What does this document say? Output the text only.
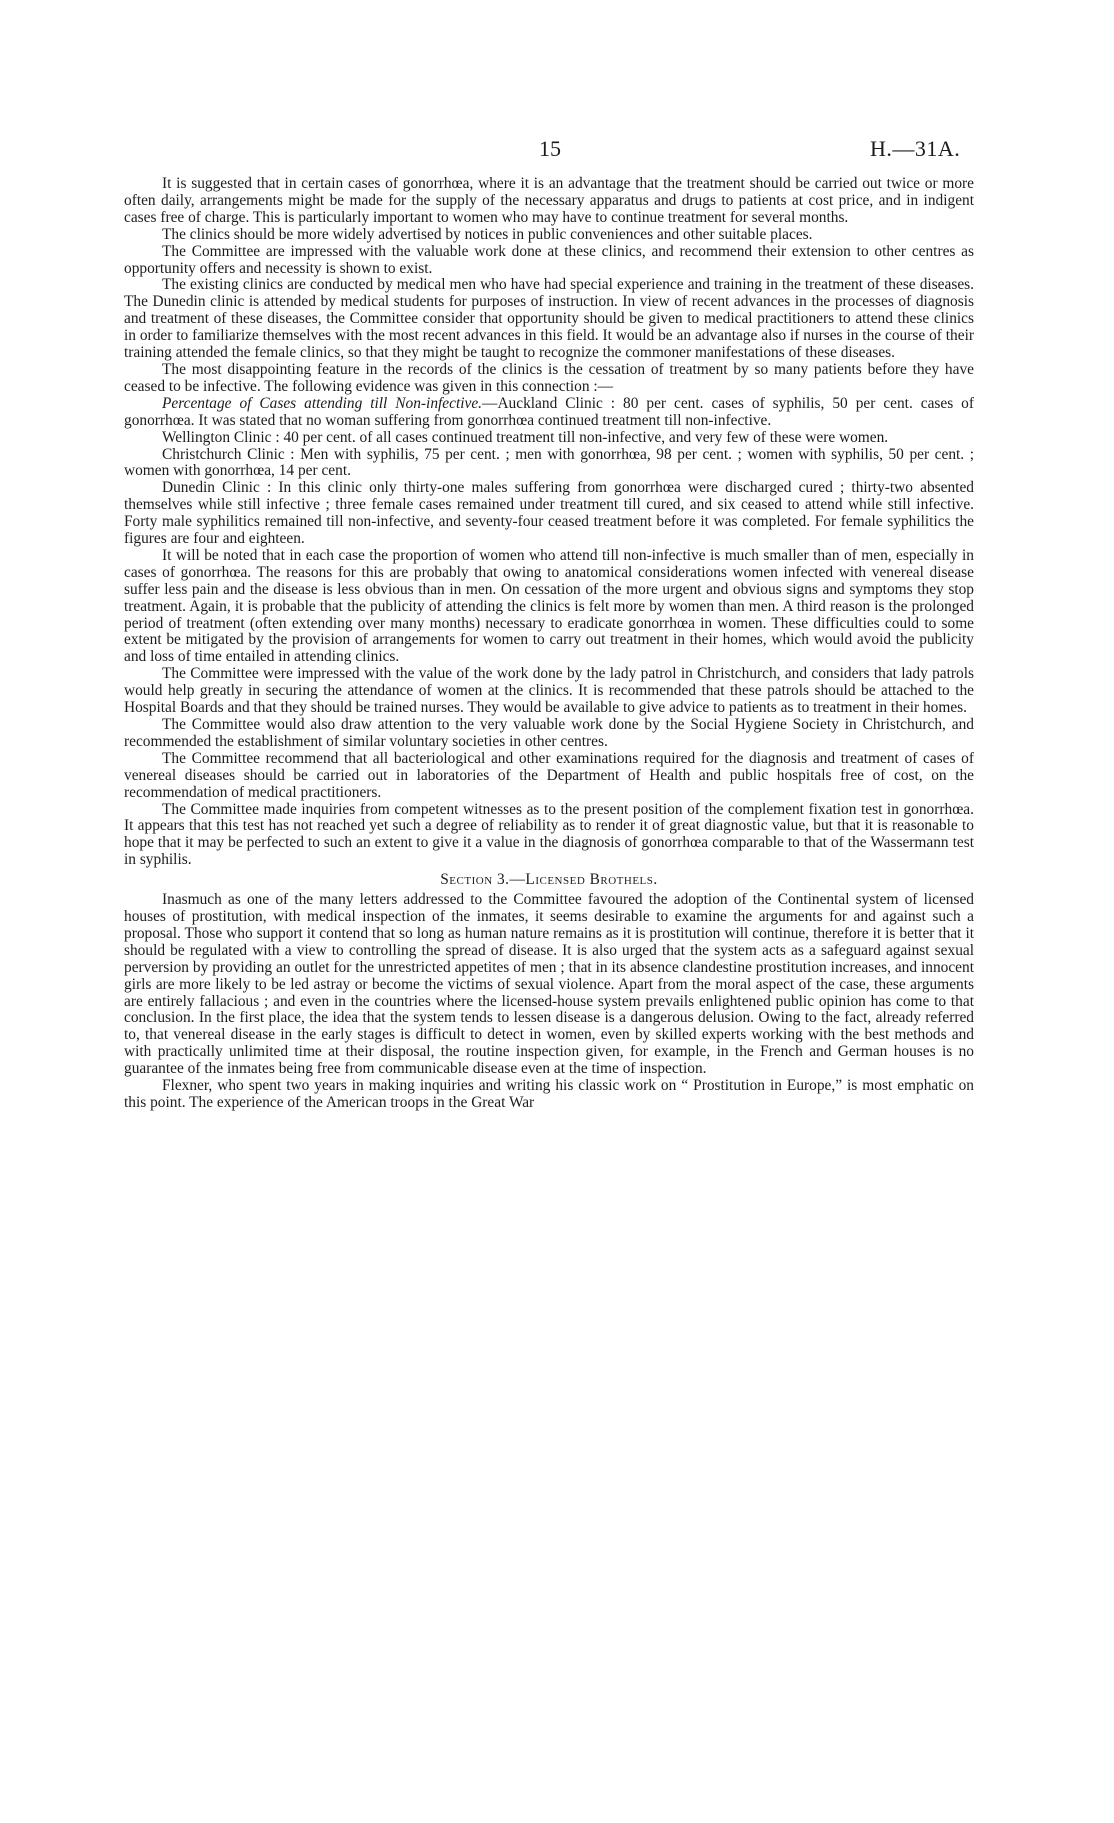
15	H.—31A.

It is suggested that in certain cases of gonorrhœa, where it is an advantage that the treatment should be carried out twice or more often daily, arrangements might be made for the supply of the necessary apparatus and drugs to patients at cost price, and in indigent cases free of charge. This is particularly important to women who may have to continue treatment for several months.

The clinics should be more widely advertised by notices in public conveniences and other suitable places.

The Committee are impressed with the valuable work done at these clinics, and recommend their extension to other centres as opportunity offers and necessity is shown to exist.

The existing clinics are conducted by medical men who have had special experience and training in the treatment of these diseases. The Dunedin clinic is attended by medical students for purposes of instruction. In view of recent advances in the processes of diagnosis and treatment of these diseases, the Committee consider that opportunity should be given to medical practitioners to attend these clinics in order to familiarize themselves with the most recent advances in this field. It would be an advantage also if nurses in the course of their training attended the female clinics, so that they might be taught to recognize the commoner manifestations of these diseases.

The most disappointing feature in the records of the clinics is the cessation of treatment by so many patients before they have ceased to be infective. The following evidence was given in this connection :—

Percentage of Cases attending till Non-infective.—Auckland Clinic : 80 per cent. cases of syphilis, 50 per cent. cases of gonorrhœa. It was stated that no woman suffering from gonorrhœa continued treatment till non-infective.

Wellington Clinic : 40 per cent. of all cases continued treatment till non-infective, and very few of these were women.

Christchurch Clinic : Men with syphilis, 75 per cent. ; men with gonorrhœa, 98 per cent. ; women with syphilis, 50 per cent. ; women with gonorrhœa, 14 per cent.

Dunedin Clinic : In this clinic only thirty-one males suffering from gonorrhœa were discharged cured ; thirty-two absented themselves while still infective ; three female cases remained under treatment till cured, and six ceased to attend while still infective. Forty male syphilitics remained till non-infective, and seventy-four ceased treatment before it was completed. For female syphilitics the figures are four and eighteen.

It will be noted that in each case the proportion of women who attend till non-infective is much smaller than of men, especially in cases of gonorrhœa. The reasons for this are probably that owing to anatomical considerations women infected with venereal disease suffer less pain and the disease is less obvious than in men. On cessation of the more urgent and obvious signs and symptoms they stop treatment. Again, it is probable that the publicity of attending the clinics is felt more by women than men. A third reason is the prolonged period of treatment (often extending over many months) necessary to eradicate gonorrhœa in women. These difficulties could to some extent be mitigated by the provision of arrangements for women to carry out treatment in their homes, which would avoid the publicity and loss of time entailed in attending clinics.

The Committee were impressed with the value of the work done by the lady patrol in Christchurch, and considers that lady patrols would help greatly in securing the attendance of women at the clinics. It is recommended that these patrols should be attached to the Hospital Boards and that they should be trained nurses. They would be available to give advice to patients as to treatment in their homes.

The Committee would also draw attention to the very valuable work done by the Social Hygiene Society in Christchurch, and recommended the establishment of similar voluntary societies in other centres.

The Committee recommend that all bacteriological and other examinations required for the diagnosis and treatment of cases of venereal diseases should be carried out in laboratories of the Department of Health and public hospitals free of cost, on the recommendation of medical practitioners.

The Committee made inquiries from competent witnesses as to the present position of the complement fixation test in gonorrhœa. It appears that this test has not reached yet such a degree of reliability as to render it of great diagnostic value, but that it is reasonable to hope that it may be perfected to such an extent to give it a value in the diagnosis of gonorrhœa comparable to that of the Wassermann test in syphilis.

Section 3.—Licensed Brothels.

Inasmuch as one of the many letters addressed to the Committee favoured the adoption of the Continental system of licensed houses of prostitution, with medical inspection of the inmates, it seems desirable to examine the arguments for and against such a proposal. Those who support it contend that so long as human nature remains as it is prostitution will continue, therefore it is better that it should be regulated with a view to controlling the spread of disease. It is also urged that the system acts as a safeguard against sexual perversion by providing an outlet for the unrestricted appetites of men ; that in its absence clandestine prostitution increases, and innocent girls are more likely to be led astray or become the victims of sexual violence. Apart from the moral aspect of the case, these arguments are entirely fallacious ; and even in the countries where the licensed-house system prevails enlightened public opinion has come to that conclusion. In the first place, the idea that the system tends to lessen disease is a dangerous delusion. Owing to the fact, already referred to, that venereal disease in the early stages is difficult to detect in women, even by skilled experts working with the best methods and with practically unlimited time at their disposal, the routine inspection given, for example, in the French and German houses is no guarantee of the inmates being free from communicable disease even at the time of inspection.

Flexner, who spent two years in making inquiries and writing his classic work on “ Prostitution in Europe,” is most emphatic on this point. The experience of the American troops in the Great War
